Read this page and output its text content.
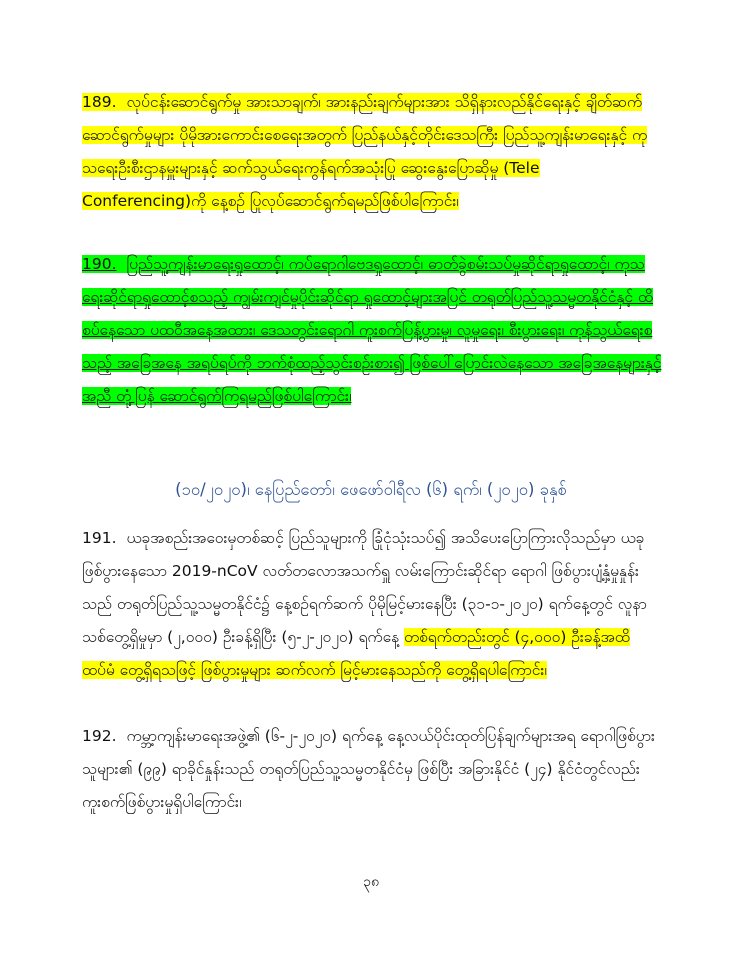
189. လုပ်ငန်းဆောင်ရွက်မှု အားသာချက်၊ အားနည်းချက်များအား သိရှိနားလည်နိုင်ရေးနှင့် ချိတ်ဆက်ဆောင်ရွက်မှုများ ပိုမိုအားကောင်းစေရေးအတွက် ပြည်နယ်နှင့်တိုင်းဒေသကြီး ပြည်သူ့ကျန်းမာရေးနှင့် ကုသရေးဦးစီးဌာနမှူးများနှင့် ဆက်သွယ်ရေးကွန်ရက်အသုံးပြု ဆွေးနွေးပြောဆိုမှု (Tele Conferencing)ကို နေ့စဉ် ပြုလုပ်ဆောင်ရွက်ရမည်ဖြစ်ပါကြောင်း၊
190. ပြည်သူ့ကျန်းမာရေးရှုထောင့်၊ ကပ်ရောဂါဗေဒရှုထောင့်၊ ဓာတ်ခွဲစမ်းသပ်မှုဆိုင်ရာရှုထောင့်၊ ကုသရေးဆိုင်ရာရှုထောင့်စသည့် ကျွမ်းကျင်မှုပိုင်းဆိုင်ရာ ရှုထောင့်များအပြင် တရုတ်ပြည်သူ့သမ္မတနိုင်ငံနှင့် ထိစပ်နေသော ပထဝီအနေအထား၊ ဒေသတွင်းရောဂါ ကူးစက်ပြန့်ပွားမှု၊ လူမှုရေး၊ စီးပွားရေး၊ ကုန်သွယ်ရေးစသည့် အခြေအနေ အရပ်ရပ်ကို ဘက်စုံထည့်သွင်းစဉ်းစား၍ ဖြစ်ပေါ်ပြောင်းလဲနေသော အခြေအနေများနှင့်အညီ တုံ့ပြန် ဆောင်ရွက်ကြရမည်ဖြစ်ပါကြောင်း၊
(၁၀/၂၀၂၀)၊ နေပြည်တော်၊ ဖေဖော်ဝါရီလ (၆) ရက်၊ (၂၀၂၀) ခုနှစ်
191. ယခုအစည်းအဝေးမှတစ်ဆင့် ပြည်သူများကို ခြုံငုံသုံးသပ်၍ အသိပေးပြောကြားလိုသည်မှာ ယခုဖြစ်ပွားနေသော 2019-nCoV လတ်တလောအသက်ရှူ လမ်းကြောင်းဆိုင်ရာ ရောဂါ ဖြစ်ပွားပျံ့နှံ့မှုနှုန်းသည် တရုတ်ပြည်သူ့သမ္မတနိုင်ငံ၌ နေ့စဉ်ရက်ဆက် ပိုမိုမြင့်မားနေပြီး (၃၁-၁-၂၀၂၀) ရက်နေ့တွင် လူနာသစ်တွေ့ရှိမှုမှာ (၂,၀၀၀) ဦးခန့်ရှိပြီး (၅-၂-၂၀၂၀) ရက်နေ့ တစ်ရက်တည်းတွင် (၄,၀၀၀) ဦးခန့်အထိ ထပ်မံ တွေ့ရှိရသဖြင့် ဖြစ်ပွားမှုများ ဆက်လက် မြင့်မားနေသည်ကို တွေ့ရှိရပါကြောင်း၊
192. ကမ္ဘာ့ကျန်းမာရေးအဖွဲ့၏ (၆-၂-၂၀၂၀) ရက်နေ့ နေ့လယ်ပိုင်းထုတ်ပြန်ချက်များအရ ရောဂါဖြစ်ပွားသူများ၏ (၉၉) ရာခိုင်နှုန်းသည် တရုတ်ပြည်သူ့သမ္မတနိုင်ငံမှ ဖြစ်ပြီး အခြားနိုင်ငံ (၂၄) နိုင်ငံတွင်လည်း ကူးစက်ဖြစ်ပွားမှုရှိပါကြောင်း၊
၃၈
